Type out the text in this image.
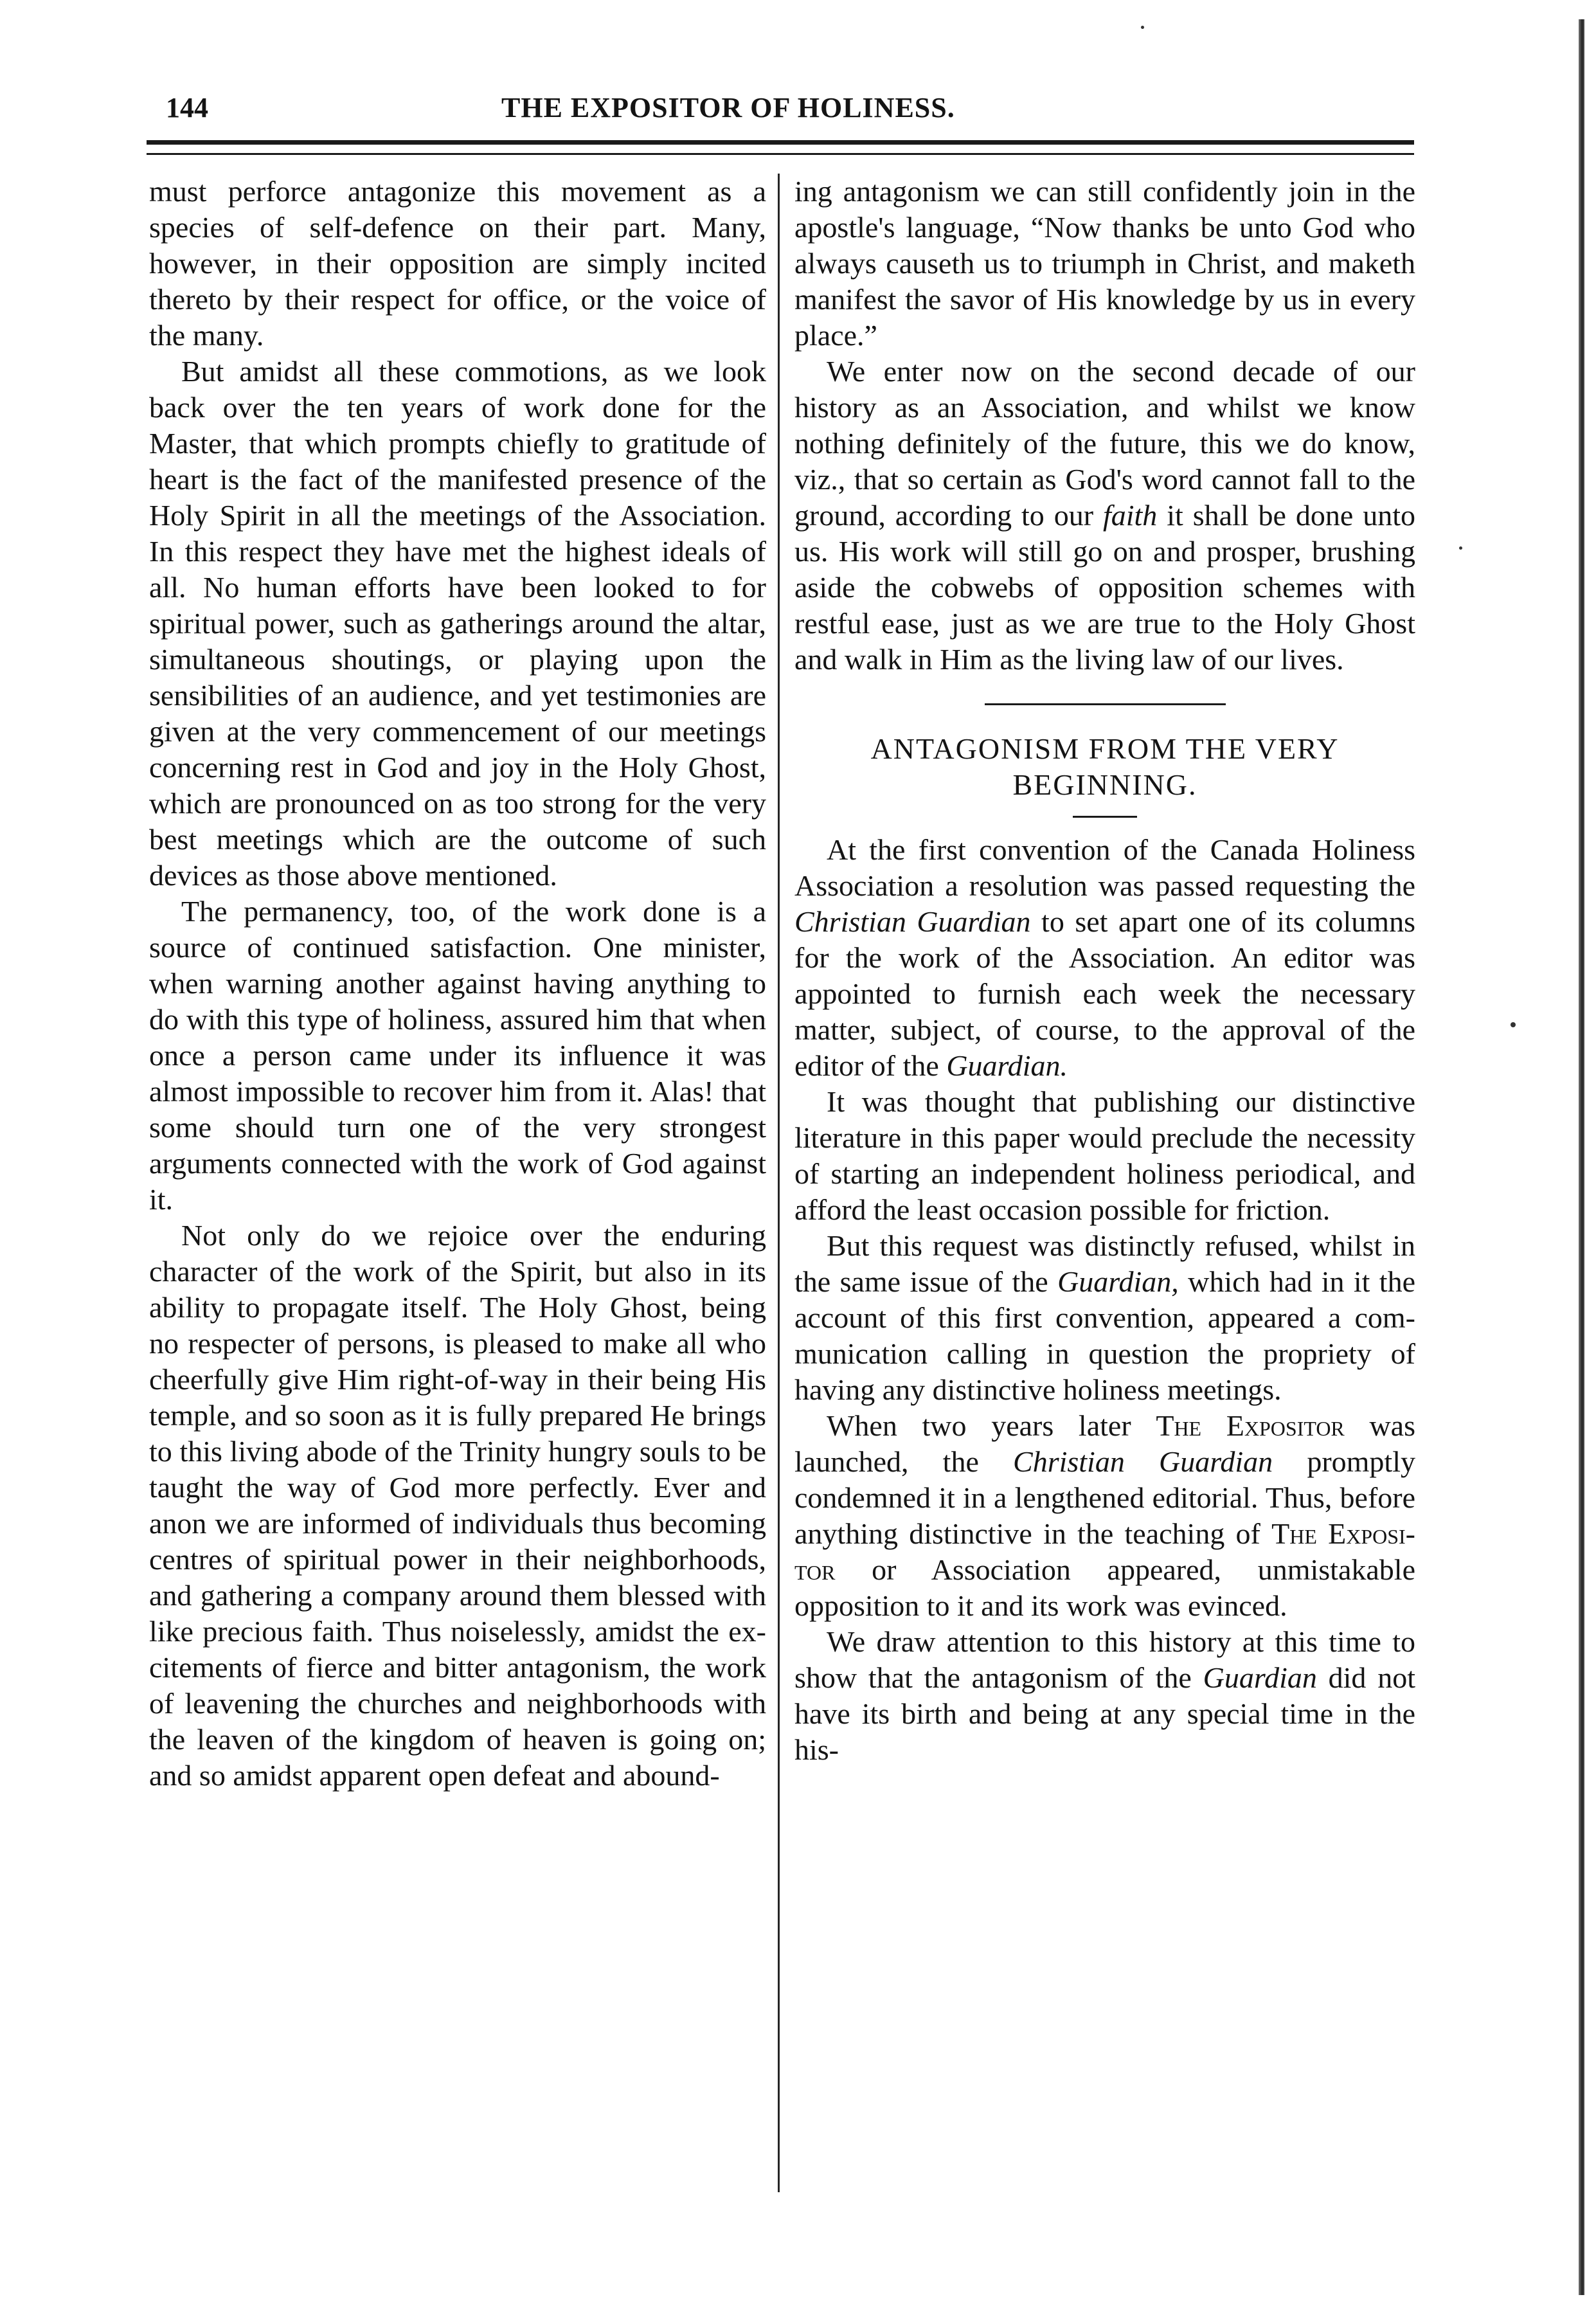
144	THE EXPOSITOR OF HOLINESS.

must perforce antagonize this movement as a species of self-defence on their part. Many, however, in their opposition are simply incited thereto by their respect for office, or the voice of the many.

But amidst all these commotions, as we look back over the ten years of work done for the Master, that which prompts chiefly to gratitude of heart is the fact of the manifested presence of the Holy Spirit in all the meetings of the Association. In this respect they have met the highest ideals of all. No human efforts have been looked to for spiritual power, such as gatherings around the altar, simultaneous shoutings, or playing upon the sensibilities of an audience, and yet testimonies are given at the very commencement of our meetings concerning rest in God and joy in the Holy Ghost, which are pronounced on as too strong for the very best meetings which are the outcome of such devices as those above mentioned.

The permanency, too, of the work done is a source of continued satisfaction. One minister, when warning another against having anything to do with this type of holiness, assured him that when once a person came under its influence it was almost impossible to recover him from it. Alas! that some should turn one of the very strongest arguments connected with the work of God against it.

Not only do we rejoice over the enduring character of the work of the Spirit, but also in its ability to propagate itself. The Holy Ghost, being no respecter of persons, is pleased to make all who cheerfully give Him right-of-way in their being His temple, and so soon as it is fully prepared He brings to this living abode of the Trinity hungry souls to be taught the way of God more perfectly. Ever and anon we are informed of individuals thus becoming centres of spiritual power in their neighborhoods, and gathering a company around them blessed with like precious faith. Thus noiselessly, amidst the excitements of fierce and bitter antagonism, the work of leavening the churches and neighborhoods with the leaven of the kingdom of heaven is going on; and so amidst apparent open defeat and abound-

ing antagonism we can still confidently join in the apostle's language, “Now thanks be unto God who always causeth us to triumph in Christ, and maketh manifest the savor of His knowledge by us in every place.”

We enter now on the second decade of our history as an Association, and whilst we know nothing definitely of the future, this we do know, viz., that so certain as God's word cannot fall to the ground, according to our faith it shall be done unto us. His work will still go on and prosper, brushing aside the cobwebs of opposition schemes with restful ease, just as we are true to the Holy Ghost and walk in Him as the living law of our lives.

ANTAGONISM FROM THE VERY
BEGINNING.

At the first convention of the Canada Holiness Association a resolution was passed requesting the Christian Guardian to set apart one of its columns for the work of the Association. An editor was appointed to furnish each week the necessary matter, subject, of course, to the approval of the editor of the Guardian.

It was thought that publishing our distinctive literature in this paper would preclude the necessity of starting an independent holiness periodical, and afford the least occasion possible for friction.

But this request was distinctly refused, whilst in the same issue of the Guardian, which had in it the account of this first convention, appeared a communication calling in question the propriety of having any distinctive holiness meetings.

When two years later The Expositor was launched, the Christian Guardian promptly condemned it in a lengthened editorial. Thus, before anything distinctive in the teaching of The Expositor or Association appeared, unmistakable opposition to it and its work was evinced.

We draw attention to this history at this time to show that the antagonism of the Guardian did not have its birth and being at any special time in the his-
